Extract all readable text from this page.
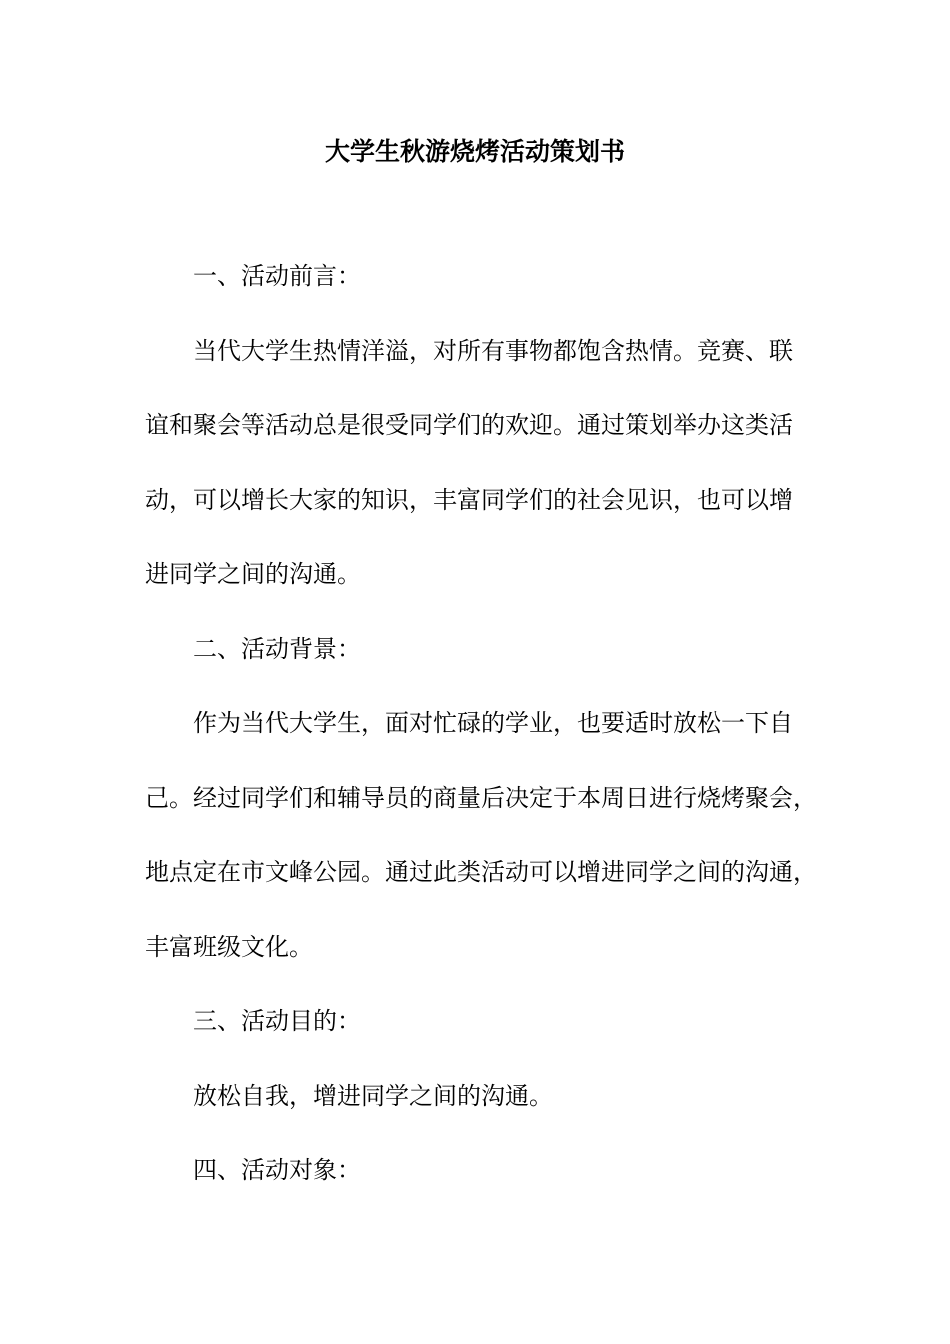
大学生秋游烧烤活动策划书
一、活动前言：
当代大学生热情洋溢，对所有事物都饱含热情。竞赛、联
谊和聚会等活动总是很受同学们的欢迎。通过策划举办这类活
动，可以增长大家的知识，丰富同学们的社会见识，也可以增
进同学之间的沟通。
二、活动背景：
作为当代大学生，面对忙碌的学业，也要适时放松一下自
己。经过同学们和辅导员的商量后决定于本周日进行烧烤聚会，
地点定在市文峰公园。通过此类活动可以增进同学之间的沟通，
丰富班级文化。
三、活动目的：
放松自我，增进同学之间的沟通。
四、活动对象：
